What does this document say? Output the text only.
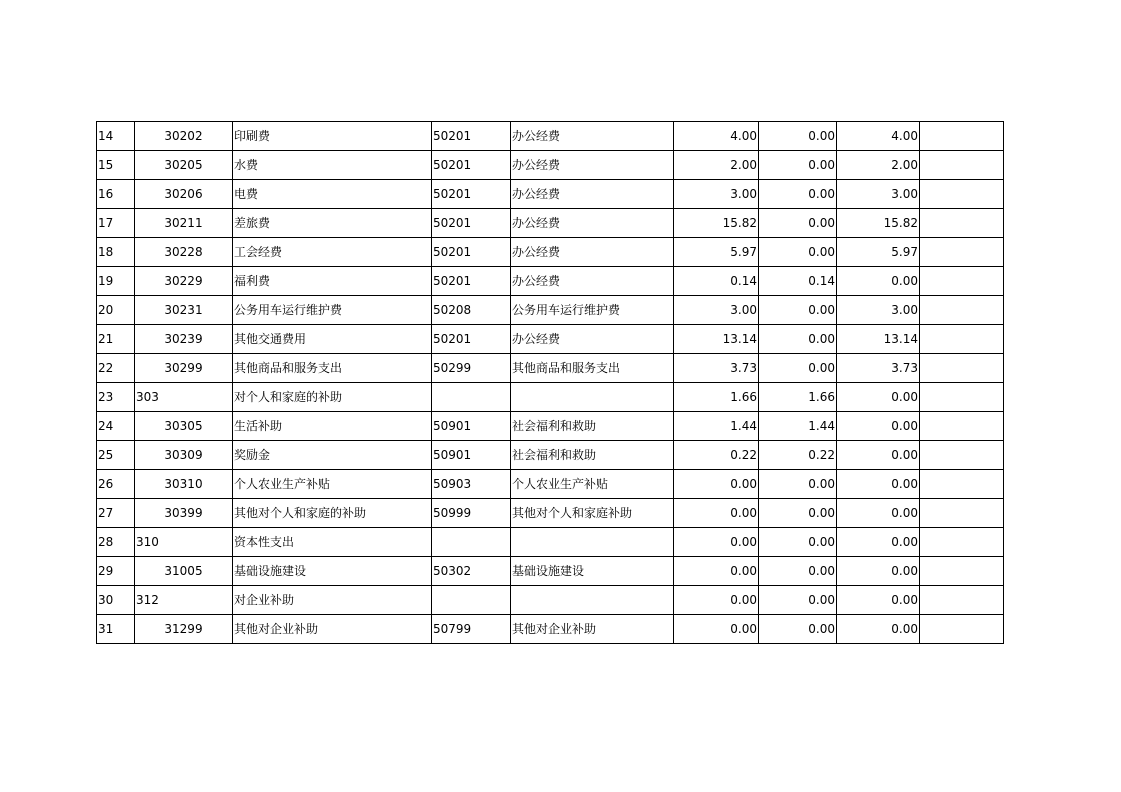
14	30202	印刷费	50201	办公经费	4.00	0.00	4.00	
15	30205	水费	50201	办公经费	2.00	0.00	2.00	
16	30206	电费	50201	办公经费	3.00	0.00	3.00	
17	30211	差旅费	50201	办公经费	15.82	0.00	15.82	
18	30228	工会经费	50201	办公经费	5.97	0.00	5.97	
19	30229	福利费	50201	办公经费	0.14	0.14	0.00	
20	30231	公务用车运行维护费	50208	公务用车运行维护费	3.00	0.00	3.00	
21	30239	其他交通费用	50201	办公经费	13.14	0.00	13.14	
22	30299	其他商品和服务支出	50299	其他商品和服务支出	3.73	0.00	3.73	
23	303	对个人和家庭的补助			1.66	1.66	0.00	
24	30305	生活补助	50901	社会福利和救助	1.44	1.44	0.00	
25	30309	奖励金	50901	社会福利和救助	0.22	0.22	0.00	
26	30310	个人农业生产补贴	50903	个人农业生产补贴	0.00	0.00	0.00	
27	30399	其他对个人和家庭的补助	50999	其他对个人和家庭补助	0.00	0.00	0.00	
28	310	资本性支出			0.00	0.00	0.00	
29	31005	基础设施建设	50302	基础设施建设	0.00	0.00	0.00	
30	312	对企业补助			0.00	0.00	0.00	
31	31299	其他对企业补助	50799	其他对企业补助	0.00	0.00	0.00	
